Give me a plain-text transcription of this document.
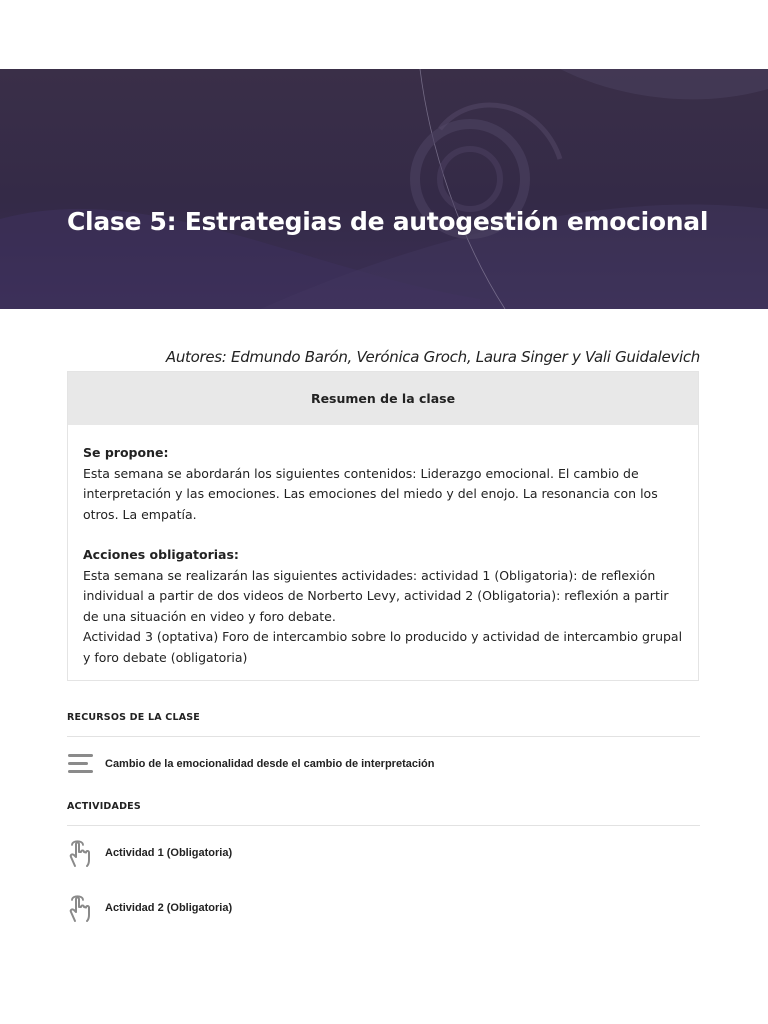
Clase 5: Estrategias de autogestión emocional

Autores: Edmundo Barón, Verónica Groch, Laura Singer y Vali Guidalevich

Resumen de la clase

Se propone:

Esta semana se abordarán los siguientes contenidos: Liderazgo emocional. El cambio de interpretación y las emociones. Las emociones del miedo y del enojo. La resonancia con los otros. La empatía.

Acciones obligatorias:

Esta semana se realizarán las siguientes actividades: actividad 1 (Obligatoria): de reflexión individual a partir de dos videos de Norberto Levy, actividad 2 (Obligatoria): reflexión a partir de una situación en video y foro debate.

Actividad 3 (optativa) Foro de intercambio sobre lo producido y actividad de intercambio grupal y foro debate (obligatoria)

RECURSOS DE LA CLASE
Cambio de la emocionalidad desde el cambio de interpretación
ACTIVIDADES
Actividad 1 (Obligatoria)
Actividad 2 (Obligatoria)
